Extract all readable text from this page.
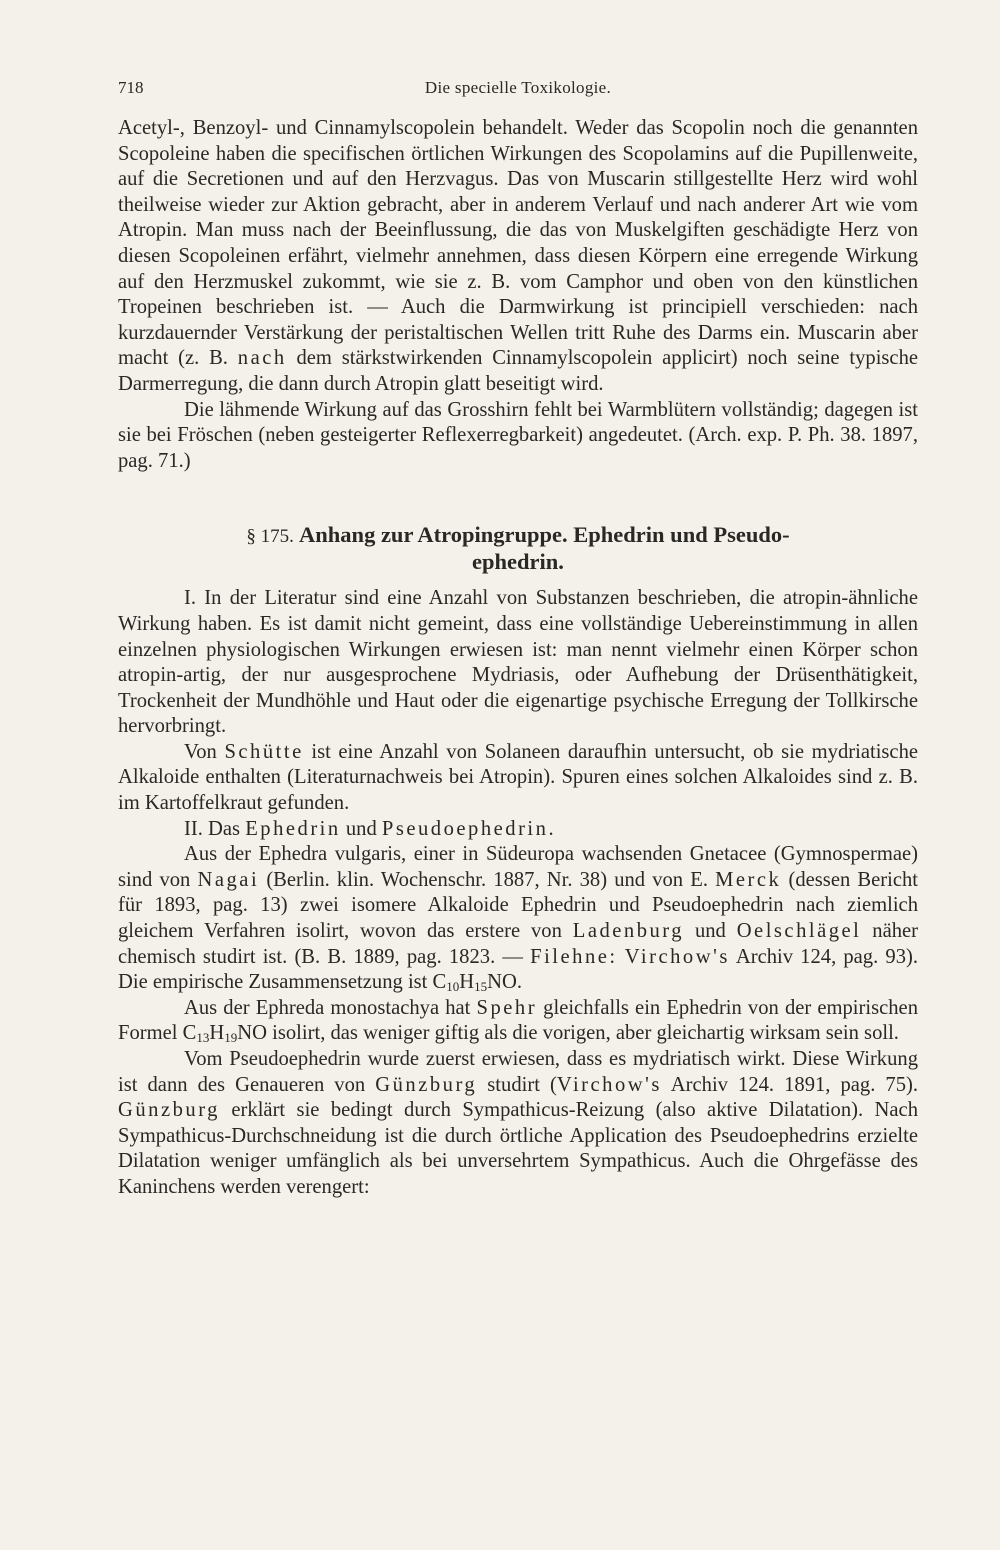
718	Die specielle Toxikologie.

Acetyl-, Benzoyl- und Cinnamylscopolein behandelt. Weder das Scopolin noch die genannten Scopoleine haben die specifischen örtlichen Wirkungen des Scopolamins auf die Pupillenweite, auf die Secretionen und auf den Herzvagus. Das von Muscarin stillgestellte Herz wird wohl theilweise wieder zur Aktion gebracht, aber in anderem Verlauf und nach anderer Art wie vom Atropin. Man muss nach der Beeinflussung, die das von Muskelgiften geschädigte Herz von diesen Scopoleinen erfährt, vielmehr annehmen, dass diesen Körpern eine erregende Wirkung auf den Herzmuskel zukommt, wie sie z. B. vom Camphor und oben von den künstlichen Tropeinen beschrieben ist. — Auch die Darmwirkung ist principiell verschieden: nach kurzdauernder Verstärkung der peristaltischen Wellen tritt Ruhe des Darms ein. Muscarin aber macht (z. B. nach dem stärkstwirkenden Cinnamylscopolein applicirt) noch seine typische Darmerregung, die dann durch Atropin glatt beseitigt wird.

Die lähmende Wirkung auf das Grosshirn fehlt bei Warmblütern vollständig; dagegen ist sie bei Fröschen (neben gesteigerter Reflexerregbarkeit) angedeutet. (Arch. exp. P. Ph. 38. 1897, pag. 71.)

§ 175. Anhang zur Atropingruppe. Ephedrin und Pseudo-
ephedrin.

I. In der Literatur sind eine Anzahl von Substanzen beschrieben, die atropin-ähnliche Wirkung haben. Es ist damit nicht gemeint, dass eine vollständige Uebereinstimmung in allen einzelnen physiologischen Wirkungen erwiesen ist: man nennt vielmehr einen Körper schon atropin-artig, der nur ausgesprochene Mydriasis, oder Aufhebung der Drüsenthätigkeit, Trockenheit der Mundhöhle und Haut oder die eigenartige psychische Erregung der Tollkirsche hervorbringt.

Von Schütte ist eine Anzahl von Solaneen daraufhin untersucht, ob sie mydriatische Alkaloide enthalten (Literaturnachweis bei Atropin). Spuren eines solchen Alkaloides sind z. B. im Kartoffelkraut gefunden.

II. Das Ephedrin und Pseudoephedrin.

Aus der Ephedra vulgaris, einer in Südeuropa wachsenden Gnetacee (Gymnospermae) sind von Nagai (Berlin. klin. Wochenschr. 1887, Nr. 38) und von E. Merck (dessen Bericht für 1893, pag. 13) zwei isomere Alkaloide Ephedrin und Pseudoephedrin nach ziemlich gleichem Verfahren isolirt, wovon das erstere von Ladenburg und Oelschlägel näher chemisch studirt ist. (B. B. 1889, pag. 1823. — Filehne: Virchow's Archiv 124, pag. 93). Die empirische Zusammensetzung ist $C_{10}H_{15}NO$.

Aus der Ephreda monostachya hat Spehr gleichfalls ein Ephedrin von der empirischen Formel $C_{13}H_{19}NO$ isolirt, das weniger giftig als die vorigen, aber gleichartig wirksam sein soll.

Vom Pseudoephedrin wurde zuerst erwiesen, dass es mydriatisch wirkt. Diese Wirkung ist dann des Genaueren von Günzburg studirt (Virchow's Archiv 124. 1891, pag. 75). Günzburg erklärt sie bedingt durch Sympathicus-Reizung (also aktive Dilatation). Nach Sympathicus-Durchschneidung ist die durch örtliche Application des Pseudoephedrins erzielte Dilatation weniger umfänglich als bei unversehrtem Sympathicus. Auch die Ohrgefässe des Kaninchens werden verengert:
